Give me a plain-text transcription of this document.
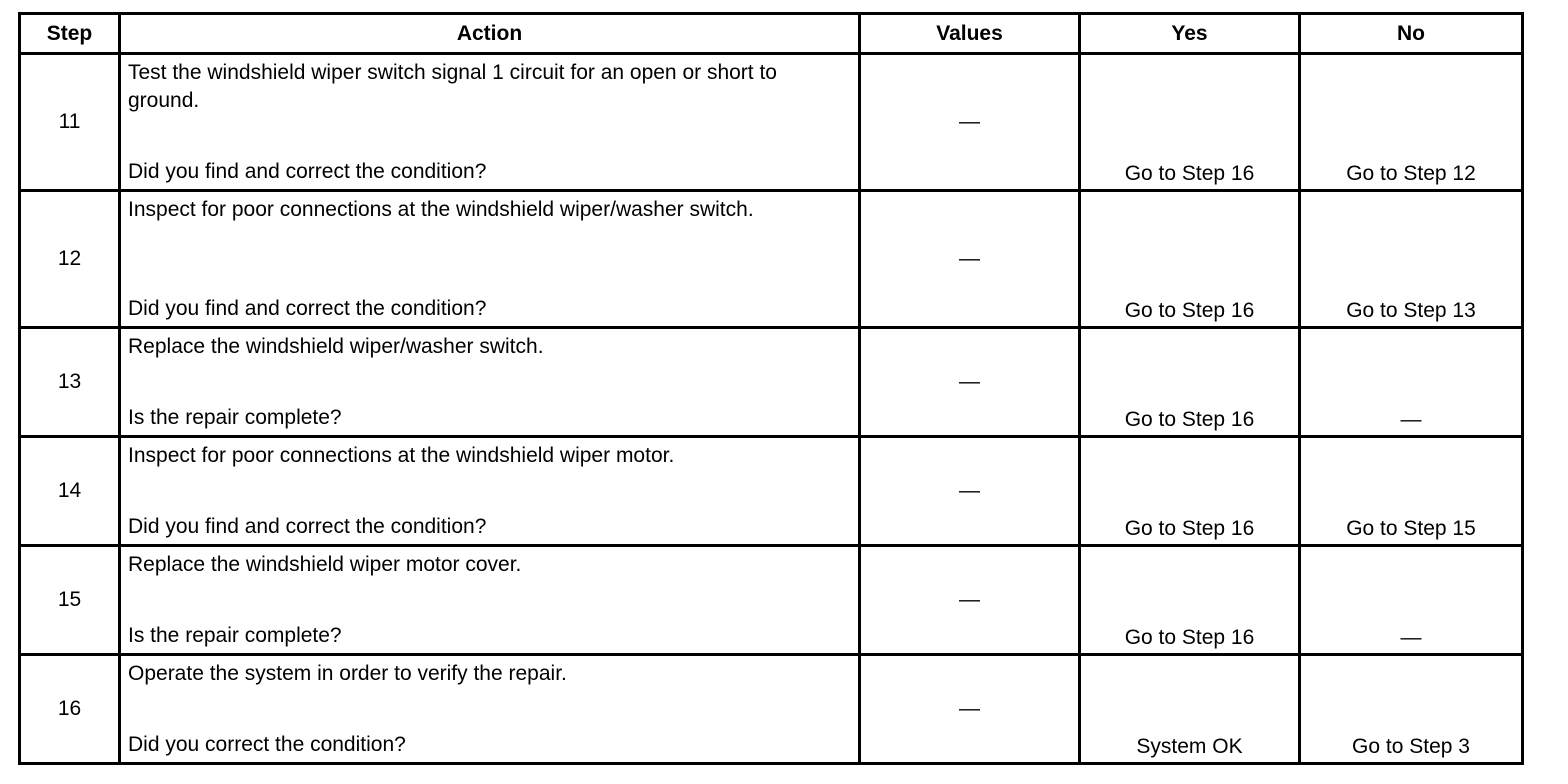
Step	Action	Values	Yes	No
11	Test the windshield wiper switch signal 1 circuit for an open or short to ground.
Did you find and correct the condition?	—	Go to Step 16	Go to Step 12
12	Inspect for poor connections at the windshield wiper/washer switch.
Did you find and correct the condition?	—	Go to Step 16	Go to Step 13
13	Replace the windshield wiper/washer switch.
Is the repair complete?	—	Go to Step 16	—
14	Inspect for poor connections at the windshield wiper motor.
Did you find and correct the condition?	—	Go to Step 16	Go to Step 15
15	Replace the windshield wiper motor cover.
Is the repair complete?	—	Go to Step 16	—
16	Operate the system in order to verify the repair.
Did you correct the condition?	—	System OK	Go to Step 3
